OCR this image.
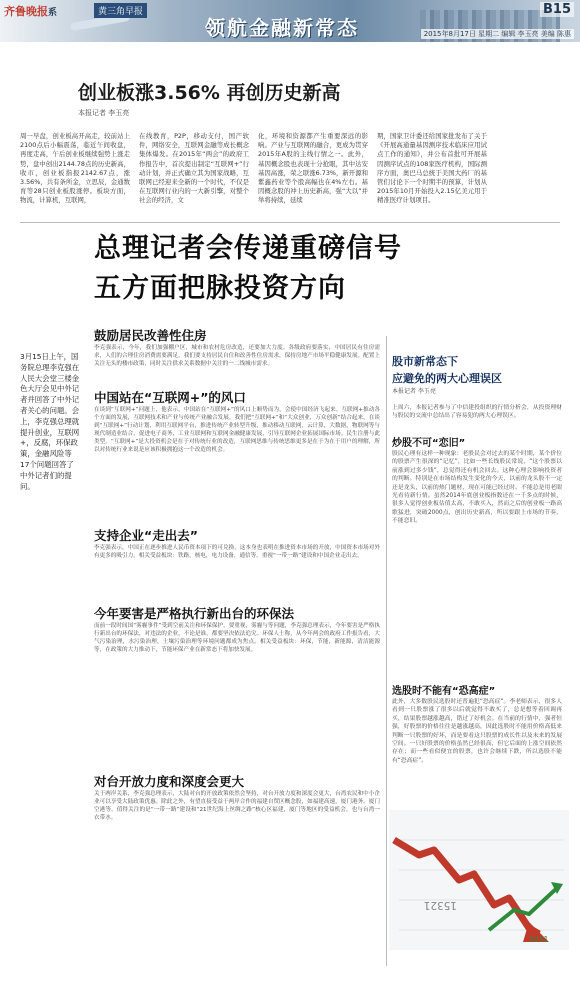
齐鲁晚报系	黄三角早报
领航金融新常态
B15
2015年8月17日 星期二 编辑 李玉亮 美编 陈惠
创业板涨3.56% 再创历史新高
本报记者 李玉亮
周一早盘，创业板高开高走，较前站上2100点后小幅震荡，临近午间收盘，再度走高，午后创业板继续强势上涨走势，盘中创出2144.78点的历史新高，收市，创业板指报2142.67点，涨3.56%，共有条所金，立思辰，金通数育等28只创业板股涨停。板块方面，物流，计算机，互联网，
在线教育，P2P，移动支付，国产软件，网络安全，互联网金融等成长概念集体爆发。在2015年“两会”的政府工作报告中，首次提出制定“互联网+”行动计划，并正式确立其为国家战略，互联网已经迎来全新的一个时代，不仅是在互联网行业内的一大新引擎，对整个社会的经济，文
化，环境和资源都产生重要深远的影响。产业与互联网的融合，更成为贯穿2015年A股的主线行情之一。此外，基因概念股也表现十分抢眼，其中达安基因高涨，荣之联涨6.73%，新开源和紫鑫药业等个股高幅也在4%左右。基因概念股的冲上历史新高，强“大以”并举将持续，延续
期，国家卫计委还给国家批发布了关于《开展高通量基因测序技术临床应用试点工作的通知》，并公布首批可开展基因测序试点的108家医疗机构，国际测序方面，奥巴马总统于美国大药厂的基管们讨论下一个时期半的预算，计划从2015年10月开始投入2.15亿美元用于精准医疗计划项目。
总理记者会传递重磅信号
五方面把脉投资方向
3月15日上午，国务院总理李克强在人民大会堂三楼金色大厅会见中外记者并回答了中外记者关心的问题。会上，李克强总理就提升创业，互联网+，反腐，环保政策，金融风险等17个问题回答了中外记者们的提问。
鼓励居民改善性住房
李克强表示，今年，我们加强棚户区，城市和农村危房改造，还要加大力度。各级政府要落实，中国居民有住房需求，人们的合理住房消费需要满足，我们要支持居民自住和改善性住房需求，保持房地产市场平稳健康发展。配置上关注无头的楼市政策，同时关注供求关系数据中关注的一二线城市需求。
中国站在“互联网+”的风口
在谈到“互联网+”问题上，他表示，中国站在“互联网+”的风口上顺势而为，会使中国经济飞起来。互联网+推动各个方面的发展，互联网技术和产业与传统产业融合发展。我们把“互联网+”和“大众创业，万众创新”结合起来，在谈到“互联网+”行动计划，利用互联网平台，推进传统产业转型升级，推动移动互联网，云计算，大数据，物联网等与现代制造业结合，促进电子商务，工业互联网和互联网金融健康发展，引导互联网企业拓展国际市场。民生注册与此类型。“互联网+”是大投资机会是在于对传统行业的改造，互联网思维与传统思维更多是在于为在于用户的理解，所以对传统行业来说是应该积极拥抱这一个改造的机会。
支持企业“走出去”
李克强表示，中国正在逐步推进人民币资本项下的可兑换，这本身也表明在推进资本市场的开放，中国资本市场对外有更多的吸引力。相关受益板块：铁路，核电，电力设备，通信等。重视“一带一路”建设和中国企业走出去。
今年要害是严格执行新出台的环保法
而前一段时间国“雾霾事件”受到空前关注和环保保护，要重视，雾霾与等问题，李克强总理表示，今年要害是严格执行新出台的环保法，对违法的企业，不论是谁，都要坚决依法追究。环保人士称，从今年两会的政府工作报告看，大气污染治理，水污染治理，土壤污染治理等环境问题都成为焦点。相关受益板块：环保，节能，新能源，清洁能源等，在政策的大力推动下，节能环保产业在新常态下将加快发展。
对台开放力度和深度会更大
关于两岸关系，李克强总理表示，大陆对台的开放政策依然会坚持，对台开放力度和深度会更大，台湾农民和中小企业可以享受大陆政策优惠。除此之外，有望直接受益于两岸合作的福建自贸区概念股，如福建高速，厦门港务，厦门空港等。值得关注的是“一带一路”建设和“21世纪海上丝绸之路”核心区福建，厦门等地区的受益机会，也与台湾一衣带水。
股市新常态下
应避免的两大心理误区
本报记者 李玉亮
上周六，本报记者参与了中信建投组织的行情分析会，从投资理财与股民的交流中总结出了容易犯的两大心理误区。
炒股不可“恋旧”
股民心理有这样一种现象：老股民会对过去的某个时期，某个价位的股票产生很深的“记忆”，比如一些长线股民常说，“这个股票以前涨到过多少钱”，总觉得还有机会回去。这种心理会影响投资者的判断。特别是在市场结构发生变化的今天，以前的龙头股不一定还是龙头，以前的热门题材，现在可能已经过时。不能总是用老眼光看待新行情。虽然2014年底创业板指数还在一千多点的时候，很多人觉得创业板估值太高，不敢买入，然而之后的创业板一路高歌猛进，突破2000点，创出历史新高，所以要跟上市场的节奏，不能恋旧。
选股时不能有“恐高症”
此外，大多数股民选股时还普遍犯“恐高症”。李老师表示，很多人看到一只股票涨了很多以后就觉得不敢买了，总是想等着回调再买，结果股票越涨越高，错过了好机会。在当前的行情中，强者恒强，好股票的价格往往是越涨越高，因此选股时不能用价格高低来判断一只股票的好坏，而是要看这只股票的成长性以及未来的发展空间。一只好股票的价格虽然已经很高，但它后面的上涨空间依然存在；而一些看似便宜的股票，也许会继续下跌，所以选股不能有“恐高症”。
15321
5231
